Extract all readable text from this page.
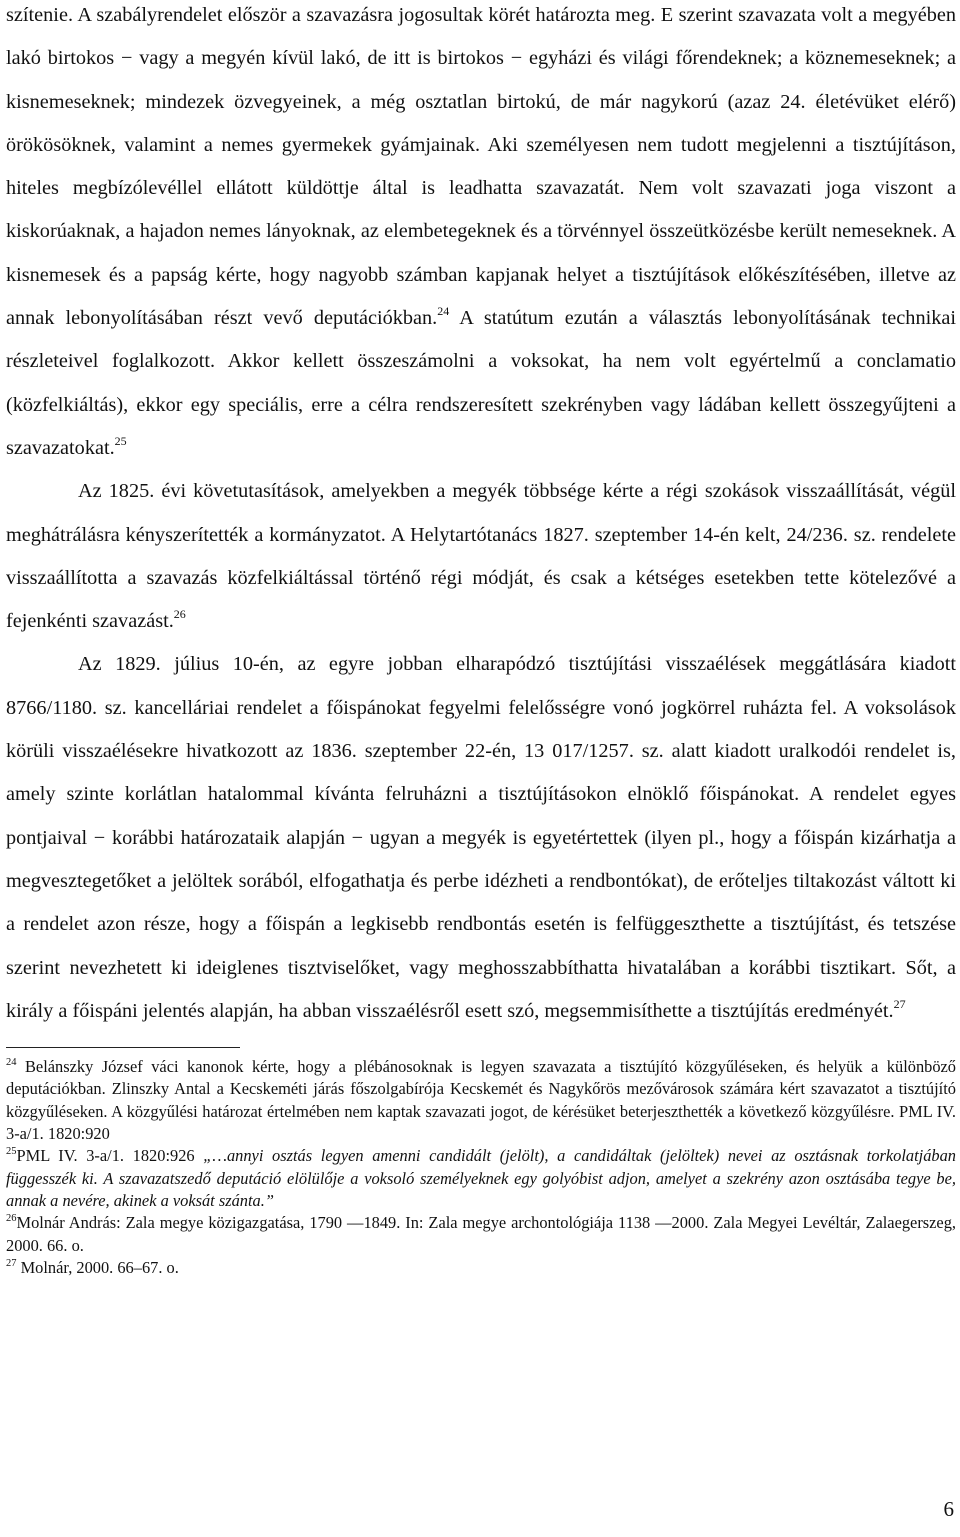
szítenie. A szabályrendelet először a szavazásra jogosultak körét határozta meg. E szerint szavazata volt a megyében lakó birtokos − vagy a megyén kívül lakó, de itt is birtokos − egyházi és világi főrendeknek; a köznemeseknek; a kisnemeseknek; mindezek özvegyeinek, a még osztatlan birtokú, de már nagykorú (azaz 24. életévüket elérő) örökösöknek, valamint a nemes gyermekek gyámjainak. Aki személyesen nem tudott megjelenni a tisztújításon, hiteles megbízólevéllel ellátott küldöttje által is leadhatta szavazatát. Nem volt szavazati joga viszont a kiskorúaknak, a hajadon nemes lányoknak, az elembetegeknek és a törvénnyel összeütközésbe került nemeseknek. A kisnemesek és a papság kérte, hogy nagyobb számban kapjanak helyet a tisztújítások előkészítésében, illetve az annak lebonyolításában részt vevő deputációkban.$^{24}$ A statútum ezután a választás lebonyolításának technikai részleteivel foglalkozott. Akkor kellett összeszámolni a voksokat, ha nem volt egyértelmű a conclamatio (közfelkiáltás), ekkor egy speciális, erre a célra rendszeresített szekrényben vagy ládában kellett összegyűjteni a szavazatokat.$^{25}$

Az 1825. évi követutasítások, amelyekben a megyék többsége kérte a régi szokások visszaállítását, végül meghátrálásra kényszerítették a kormányzatot. A Helytartótanács 1827. szeptember 14-én kelt, 24/236. sz. rendelete visszaállította a szavazás közfelkiáltással történő régi módját, és csak a kétséges esetekben tette kötelezővé a fejenkénti szavazást.$^{26}$

Az 1829. július 10-én, az egyre jobban elharapódzó tisztújítási visszaélések meggátlására kiadott 8766/1180. sz. kancelláriai rendelet a főispánokat fegyelmi felelősségre vonó jogkörrel ruházta fel. A voksolások körüli visszaélésekre hivatkozott az 1836. szeptember 22-én, 13 017/1257. sz. alatt kiadott uralkodói rendelet is, amely szinte korlátlan hatalommal kívánta felruházni a tisztújításokon elnöklő főispánokat. A rendelet egyes pontjaival − korábbi határozataik alapján − ugyan a megyék is egyetértettek (ilyen pl., hogy a főispán kizárhatja a megvesztegetőket a jelöltek sorából, elfogathatja és perbe idézheti a rendbontókat), de erőteljes tiltakozást váltott ki a rendelet azon része, hogy a főispán a legkisebb rendbontás esetén is felfüggeszthette a tisztújítást, és tetszése szerint nevezhetett ki ideiglenes tisztviselőket, vagy meghosszabbíthatta hivatalában a korábbi tisztikart. Sőt, a király a főispáni jelentés alapján, ha abban visszaélésről esett szó, megsemmisíthette a tisztújítás eredményét.$^{27}$

$^{24}$ Belánszky József váci kanonok kérte, hogy a plébánosoknak is legyen szavazata a tisztújító közgyűléseken, és helyük a különböző deputációkban. Zlinszky Antal a Kecskeméti járás főszolgabírója Kecskemét és Nagykőrös mezővárosok számára kért szavazatot a tisztújító közgyűléseken. A közgyűlési határozat értelmében nem kaptak szavazati jogot, de kérésüket beterjeszthették a következő közgyűlésre. PML IV. 3-a/1. 1820:920

$^{25}$PML IV. 3-a/1. 1820:926 „…annyi osztás legyen amenni candidált (jelölt), a candidáltak (jelöltek) nevei az osztásnak torkolatjában függesszék ki. A szavazatszedő deputáció elölülője a voksoló személyeknek egy golyóbist adjon, amelyet a szekrény azon osztásába tegye be, annak a nevére, akinek a voksát szánta.”

$^{26}$Molnár András: Zala megye közigazgatása, 1790 —1849. In: Zala megye archontológiája 1138 —2000. Zala Megyei Levéltár, Zalaegerszeg, 2000. 66. o.

$^{27}$ Molnár, 2000. 66–67. o.

6
